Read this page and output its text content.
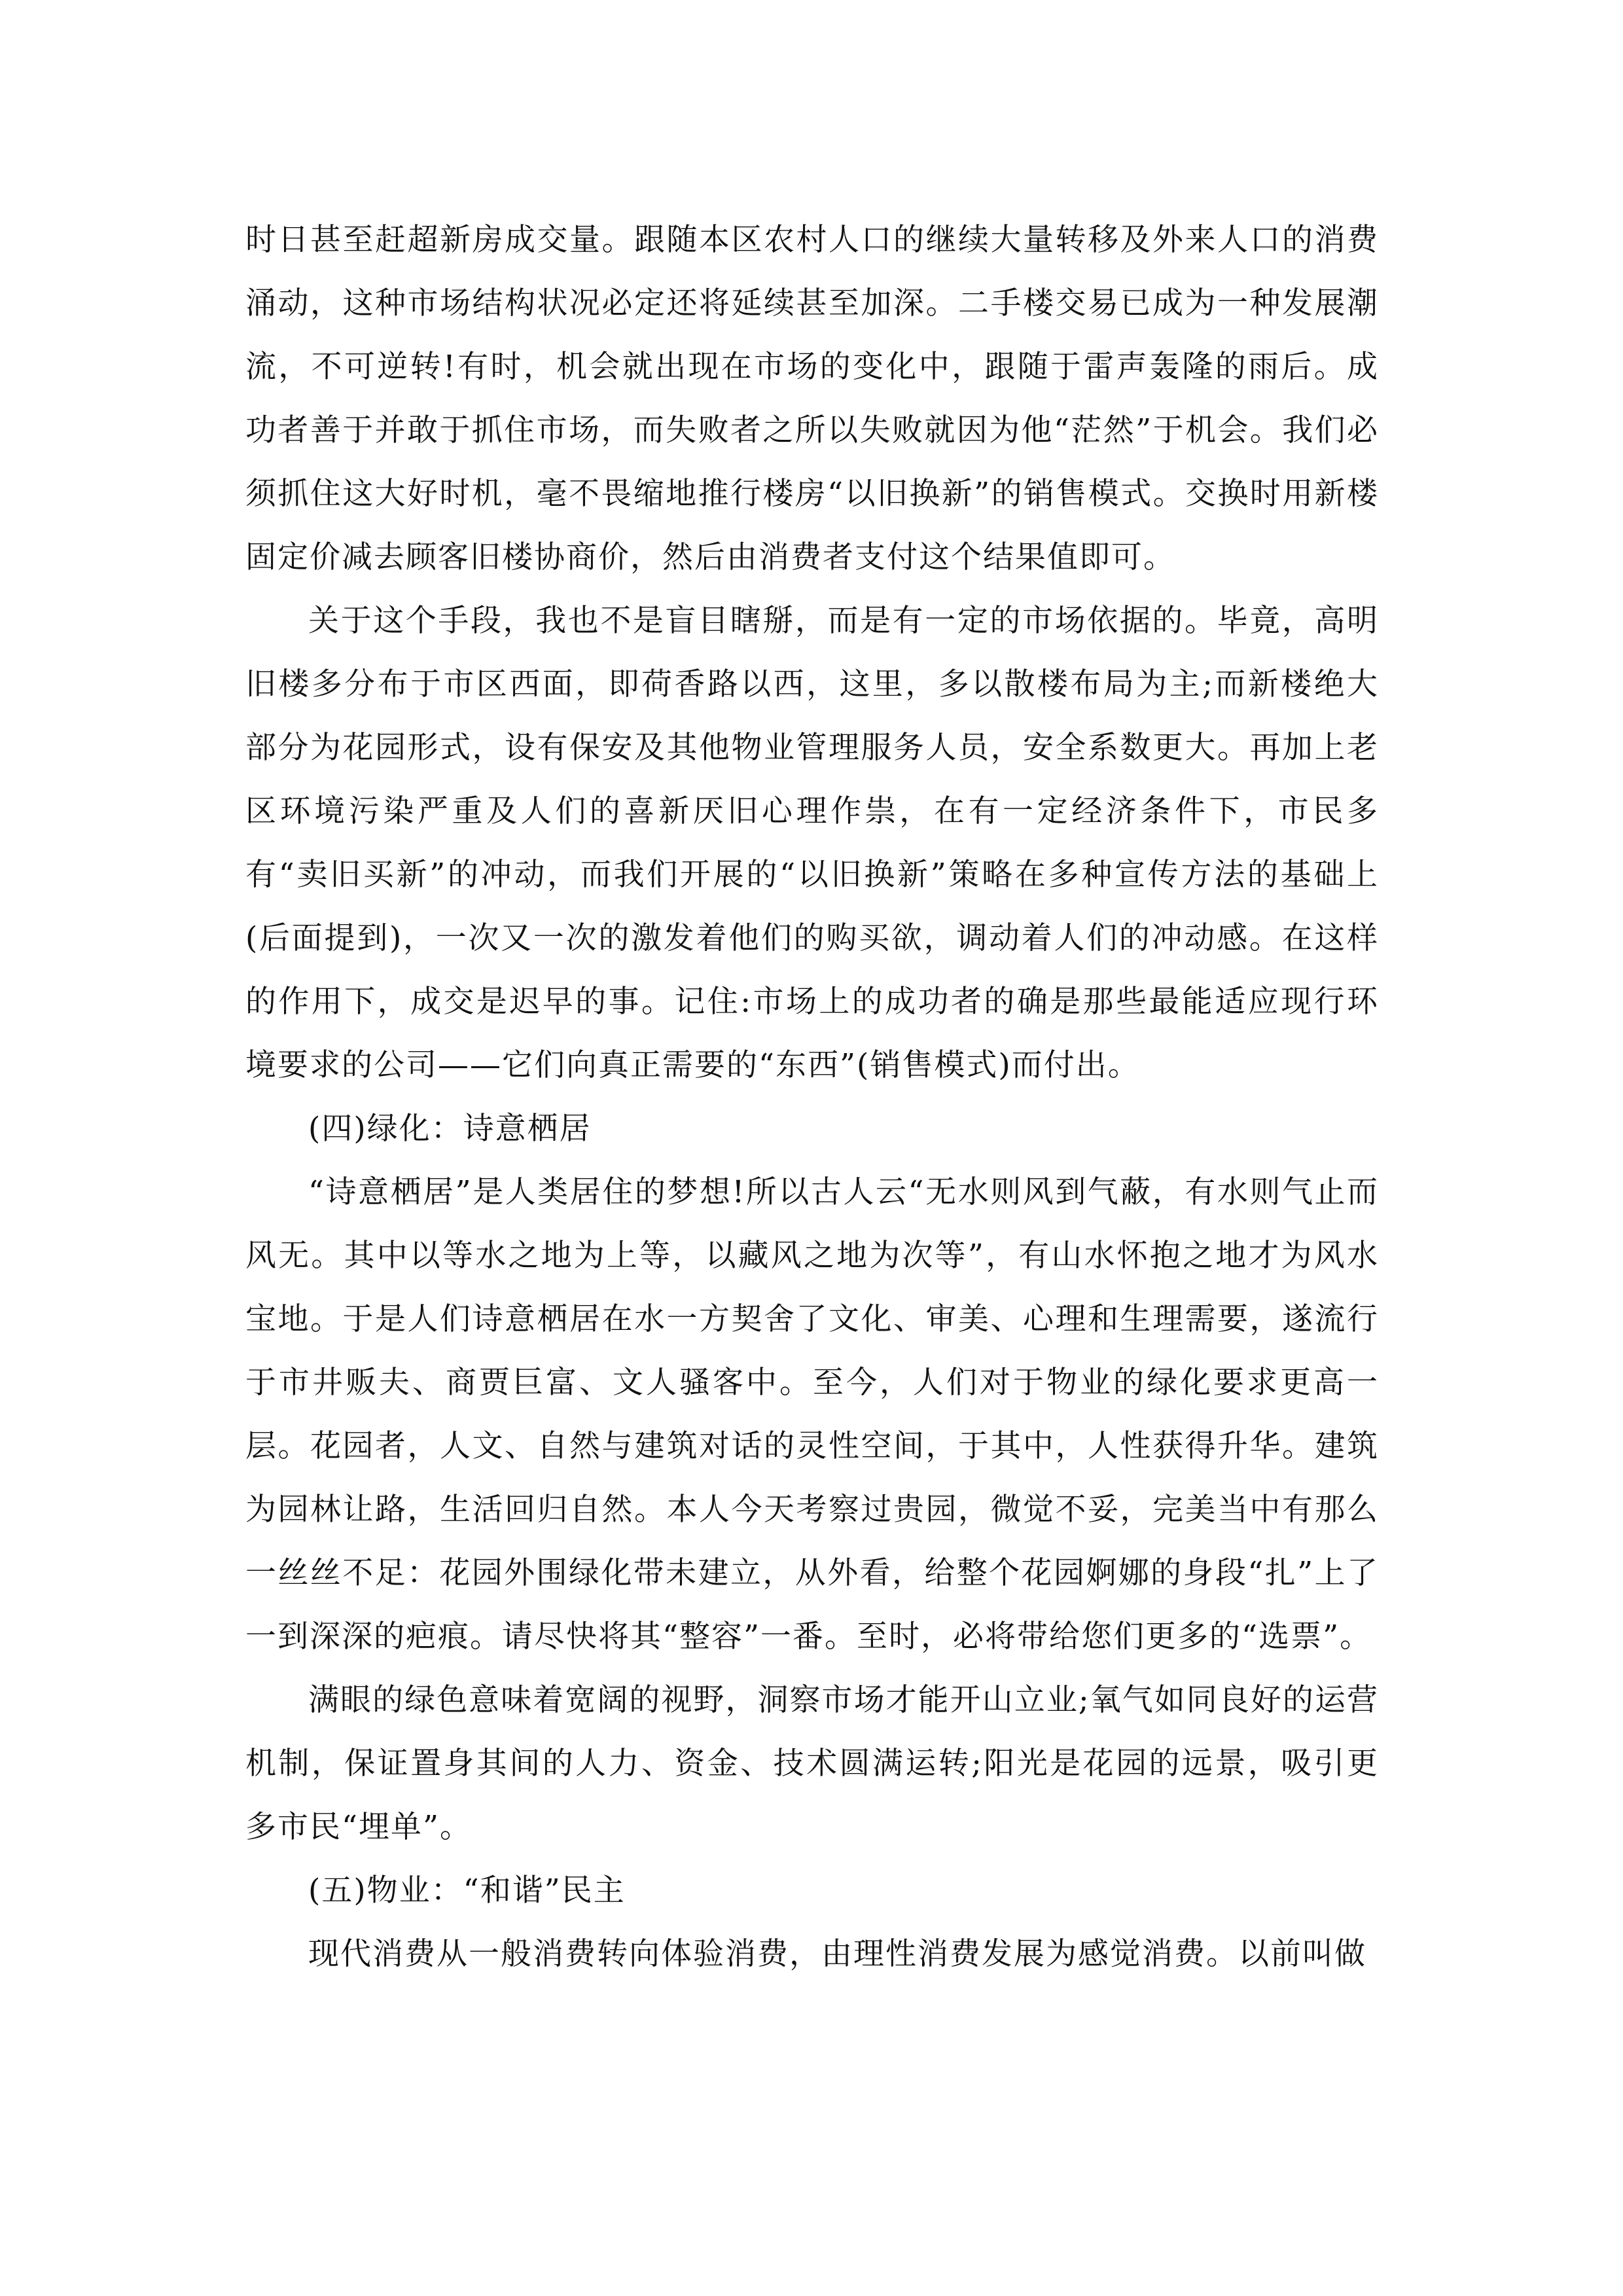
时日甚至赶超新房成交量。跟随本区农村人口的继续大量转移及外来人口的消费涌动，这种市场结构状况必定还将延续甚至加深。二手楼交易已成为一种发展潮流，不可逆转!有时，机会就出现在市场的变化中，跟随于雷声轰隆的雨后。成功者善于并敢于抓住市场，而失败者之所以失败就因为他“茫然”于机会。我们必须抓住这大好时机，毫不畏缩地推行楼房“以旧换新”的销售模式。交换时用新楼固定价减去顾客旧楼协商价，然后由消费者支付这个结果值即可。

关于这个手段，我也不是盲目瞎掰，而是有一定的市场依据的。毕竟，高明旧楼多分布于市区西面，即荷香路以西，这里，多以散楼布局为主;而新楼绝大部分为花园形式，设有保安及其他物业管理服务人员，安全系数更大。再加上老区环境污染严重及人们的喜新厌旧心理作祟，在有一定经济条件下，市民多有“卖旧买新”的冲动，而我们开展的“以旧换新”策略在多种宣传方法的基础上(后面提到)，一次又一次的激发着他们的购买欲，调动着人们的冲动感。在这样的作用下，成交是迟早的事。记住:市场上的成功者的确是那些最能适应现行环境要求的公司——它们向真正需要的“东西”(销售模式)而付出。

(四)绿化：诗意栖居

“诗意栖居”是人类居住的梦想!所以古人云“无水则风到气蔽，有水则气止而风无。其中以等水之地为上等，以藏风之地为次等”，有山水怀抱之地才为风水宝地。于是人们诗意栖居在水一方契舍了文化、审美、心理和生理需要，遂流行于市井贩夫、商贾巨富、文人骚客中。至今，人们对于物业的绿化要求更高一层。花园者，人文、自然与建筑对话的灵性空间，于其中，人性获得升华。建筑为园林让路，生活回归自然。本人今天考察过贵园，微觉不妥，完美当中有那么一丝丝不足：花园外围绿化带未建立，从外看，给整个花园婀娜的身段“扎”上了一到深深的疤痕。请尽快将其“整容”一番。至时，必将带给您们更多的“选票”。

满眼的绿色意味着宽阔的视野，洞察市场才能开山立业;氧气如同良好的运营机制，保证置身其间的人力、资金、技术圆满运转;阳光是花园的远景，吸引更多市民“埋单”。

(五)物业：“和谐”民主

现代消费从一般消费转向体验消费，由理性消费发展为感觉消费。以前叫做
